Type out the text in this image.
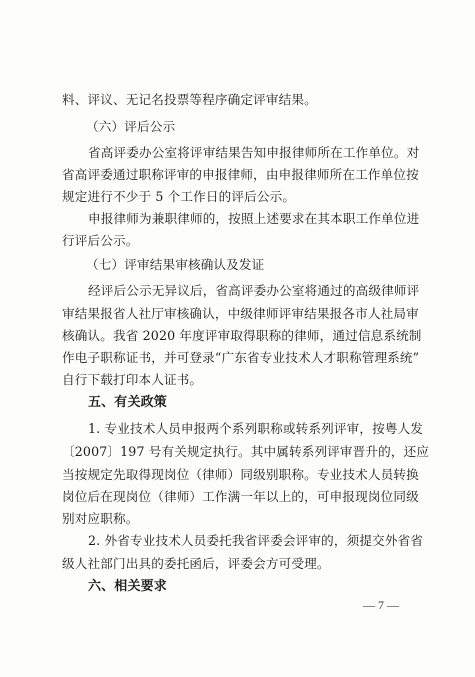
料、评议、无记名投票等程序确定评审结果。
（六）评后公示
省高评委办公室将评审结果告知申报律师所在工作单位。对
省高评委通过职称评审的申报律师，由申报律师所在工作单位按
规定进行不少于 5 个工作日的评后公示。
申报律师为兼职律师的，按照上述要求在其本职工作单位进
行评后公示。
（七）评审结果审核确认及发证
经评后公示无异议后，省高评委办公室将通过的高级律师评
审结果报省人社厅审核确认，中级律师评审结果报各市人社局审
核确认。我省 2020 年度评审取得职称的律师，通过信息系统制
作电子职称证书，并可登录“广东省专业技术人才职称管理系统”
自行下载打印本人证书。
五、有关政策
1. 专业技术人员申报两个系列职称或转系列评审，按粤人发
〔2007〕197 号有关规定执行。其中属转系列评审晋升的，还应
当按规定先取得现岗位（律师）同级别职称。专业技术人员转换
岗位后在现岗位（律师）工作满一年以上的，可申报现岗位同级
别对应职称。
2. 外省专业技术人员委托我省评委会评审的，须提交外省省
级人社部门出具的委托函后，评委会方可受理。
六、相关要求
— 7 —
